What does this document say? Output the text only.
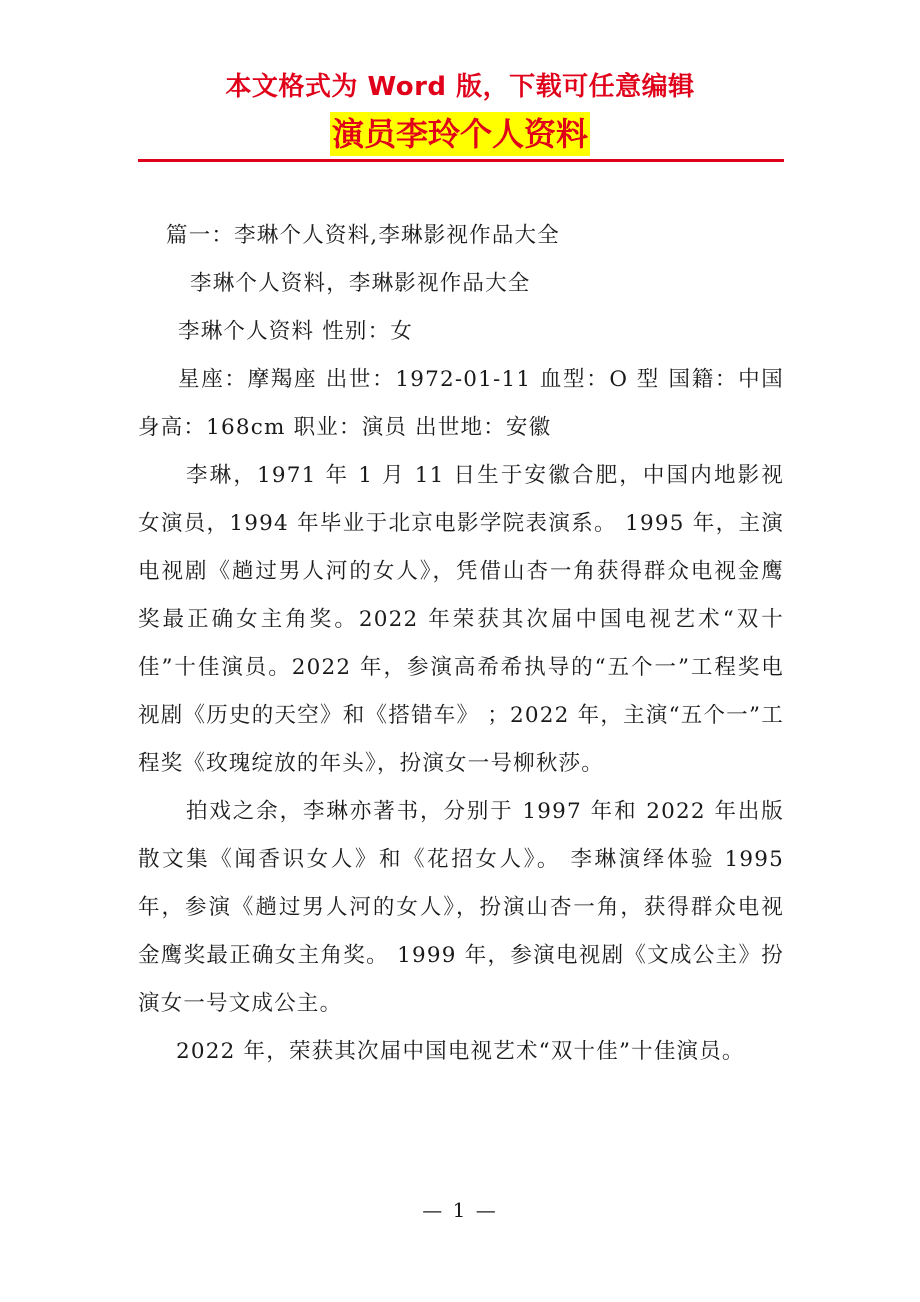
本文格式为 Word 版，下载可任意编辑
演员李玲个人资料

篇一：李琳个人资料,李琳影视作品大全

李琳个人资料，李琳影视作品大全

李琳个人资料 性别：女

星座：摩羯座 出世：1972-01-11 血型：O 型 国籍：中国 身高：168cm 职业：演员 出世地：安徽

李琳，1971 年 1 月 11 日生于安徽合肥，中国内地影视女演员，1994 年毕业于北京电影学院表演系。 1995 年，主演电视剧《趟过男人河的女人》，凭借山杏一角获得群众电视金鹰奖最正确女主角奖。2022 年荣获其次届中国电视艺术“双十佳”十佳演员。2022 年，参演高希希执导的“五个一”工程奖电视剧《历史的天空》和《搭错车》 ；2022 年，主演“五个一”工程奖《玫瑰绽放的年头》，扮演女一号柳秋莎。

拍戏之余，李琳亦著书，分别于 1997 年和 2022 年出版散文集《闻香识女人》和《花招女人》。 李琳演绎体验 1995 年，参演《趟过男人河的女人》，扮演山杏一角，获得群众电视金鹰奖最正确女主角奖。 1999 年，参演电视剧《文成公主》扮演女一号文成公主。

2022 年，荣获其次届中国电视艺术“双十佳”十佳演员。

— 1 —
